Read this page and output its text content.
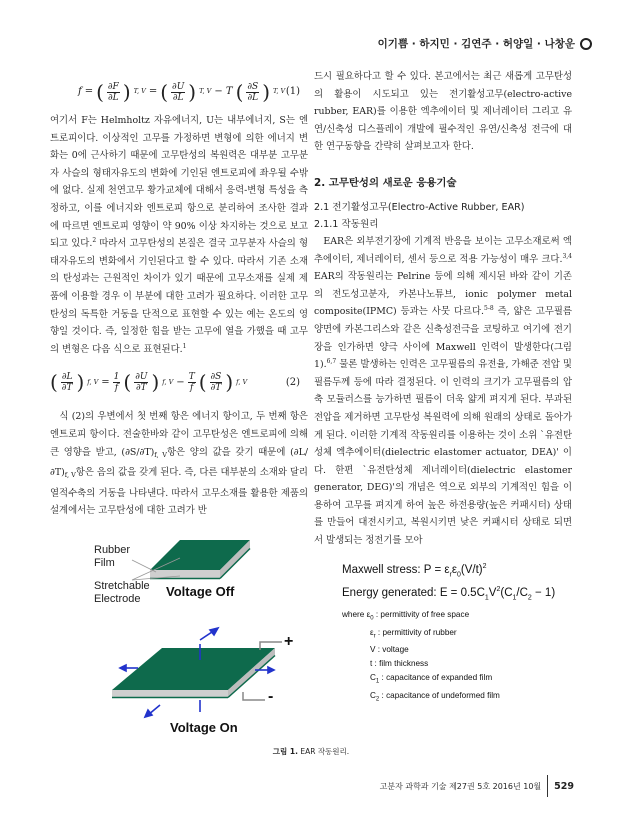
이기쁨 · 하지민 · 김연주 · 허양일 · 나창운
f = ( $\frac{\partial F}{\partial L}$ ) T, V = ( $\frac{\partial U}{\partial L}$ ) T, V − T ( $\frac{\partial S}{\partial L}$ ) T, V (1)

여기서 F는 Helmholtz 자유에너지, U는 내부에너지, S는 엔트로피이다. 이상적인 고무를 가정하면 변형에 의한 에너지 변화는 0에 근사하기 때문에 고무탄성의 복원력은 대부분 고무분자 사슬의 형태자유도의 변화에 기인된 엔트로피에 좌우될 수밖에 없다. 실제 천연고무 황가교체에 대해서 응력-변형 특성을 측정하고, 이를 에너지와 엔트로피 항으로 분리하여 조사한 결과에 따르면 엔트로피 영향이 약 90% 이상 차지하는 것으로 보고되고 있다.$^2$ 따라서 고무탄성의 본질은 결국 고무분자 사슬의 형태자유도의 변화에서 기인된다고 할 수 있다. 따라서 기존 소재의 탄성과는 근원적인 차이가 있기 때문에 고무소재를 실제 제품에 이용할 경우 이 부분에 대한 고려가 필요하다. 이러한 고무탄성의 독특한 거동을 단적으로 표현할 수 있는 예는 온도의 영향일 것이다. 즉, 일정한 힘을 받는 고무에 열을 가했을 때 고무의 변형은 다음 식으로 표현된다.$^1$

( $\frac{\partial L}{\partial T}$ ) f, $V = \frac{1}{f}$ ( $\frac{\partial U}{\partial T}$ ) f, $V - \frac{T}{f}$ ( $\frac{\partial S}{\partial T}$ ) f, V	(2)

식 (2)의 우변에서 첫 번째 항은 에너지 항이고, 두 번째 항은 엔트로피 항이다. 전술한바와 같이 고무탄성은 엔트로피에 의해 큰 영향을 받고, $(\partial S/\partial T)_{f, V}$항은 양의 값을 갖기 때문에 $(\partial L/\partial T)_{f, V}$항은 음의 값을 갖게 된다. 즉, 다른 대부분의 소재와 달리 열적수축의 거동을 나타낸다. 따라서 고무소재를 활용한 제품의 설계에서는 고무탄성에 대한 고려가 반

드시 필요하다고 할 수 있다. 본고에서는 최근 새롭게 고무탄성의 활용이 시도되고 있는 전기활성고무(electro-active rubber, EAR)를 이용한 엑추에이터 및 제너레이터 그리고 유연/신축성 디스플레이 개발에 필수적인 유연/신축성 전극에 대한 연구동향을 간략히 살펴보고자 한다.

2. 고무탄성의 새로운 응용기술
2.1 전기활성고무(Electro-Active Rubber, EAR)
2.1.1 작동원리

EAR은 외부전기장에 기계적 반응을 보이는 고무소재로써 엑추에이터, 제너레이터, 센서 등으로 적용 가능성이 매우 크다.$^{3,4}$ EAR의 작동원리는 Pelrine 등에 의해 제시된 바와 같이 기존의 전도성고분자, 카본나노튜브, ionic polymer metal composite(IPMC) 등과는 사뭇 다르다.$^{5-8}$ 즉, 얇은 고무필름 양면에 카본그리스와 같은 신축성전극을 코팅하고 여기에 전기장을 인가하면 양극 사이에 Maxwell 인력이 발생한다(그림 1).$^{6,7}$ 물론 발생하는 인력은 고무필름의 유전율, 가해준 전압 및 필름두께 등에 따라 결정된다. 이 인력의 크기가 고무필름의 압축 모듈러스를 능가하면 필름이 더욱 얇게 펴지게 된다. 부과된 전압을 제거하면 고무탄성 복원력에 의해 원래의 상태로 돌아가게 된다. 이러한 기계적 작동원리를 이용하는 것이 소위 `유전탄성체 엑추에이터(dielectric elastomer actuator, DEA)' 이다. 한편 `유전탄성체 제너레이터(dielectric elastomer generator, DEG)'의 개념은 역으로 외부의 기계적인 힘을 이용하여 고무를 펴지게 하여 높은 하전용량(높은 커패시터) 상태를 만들어 대전시키고, 복원시키면 낮은 커패시터 상태로 되면서 발생되는 정전기를 모아

Rubber
Film
Stretchable
Electrode	Voltage Off
Voltage On
+
-
Maxwell stress: $P = \varepsilon_r\varepsilon_0(V/t)^2$
Energy generated: $E = 0.5C_1V^2(C_1/C_2 - 1)$
where $\varepsilon_0$ : permittivity of free space
$\varepsilon_r$ : permittivity of rubber
V : voltage
t : film thickness
$C_1$ : capacitance of expanded film
$C_2$ : capacitance of undeformed film
그림 1. EAR 작동원리.
고분자 과학과 기술 제27권 5호 2016년 10월 529
